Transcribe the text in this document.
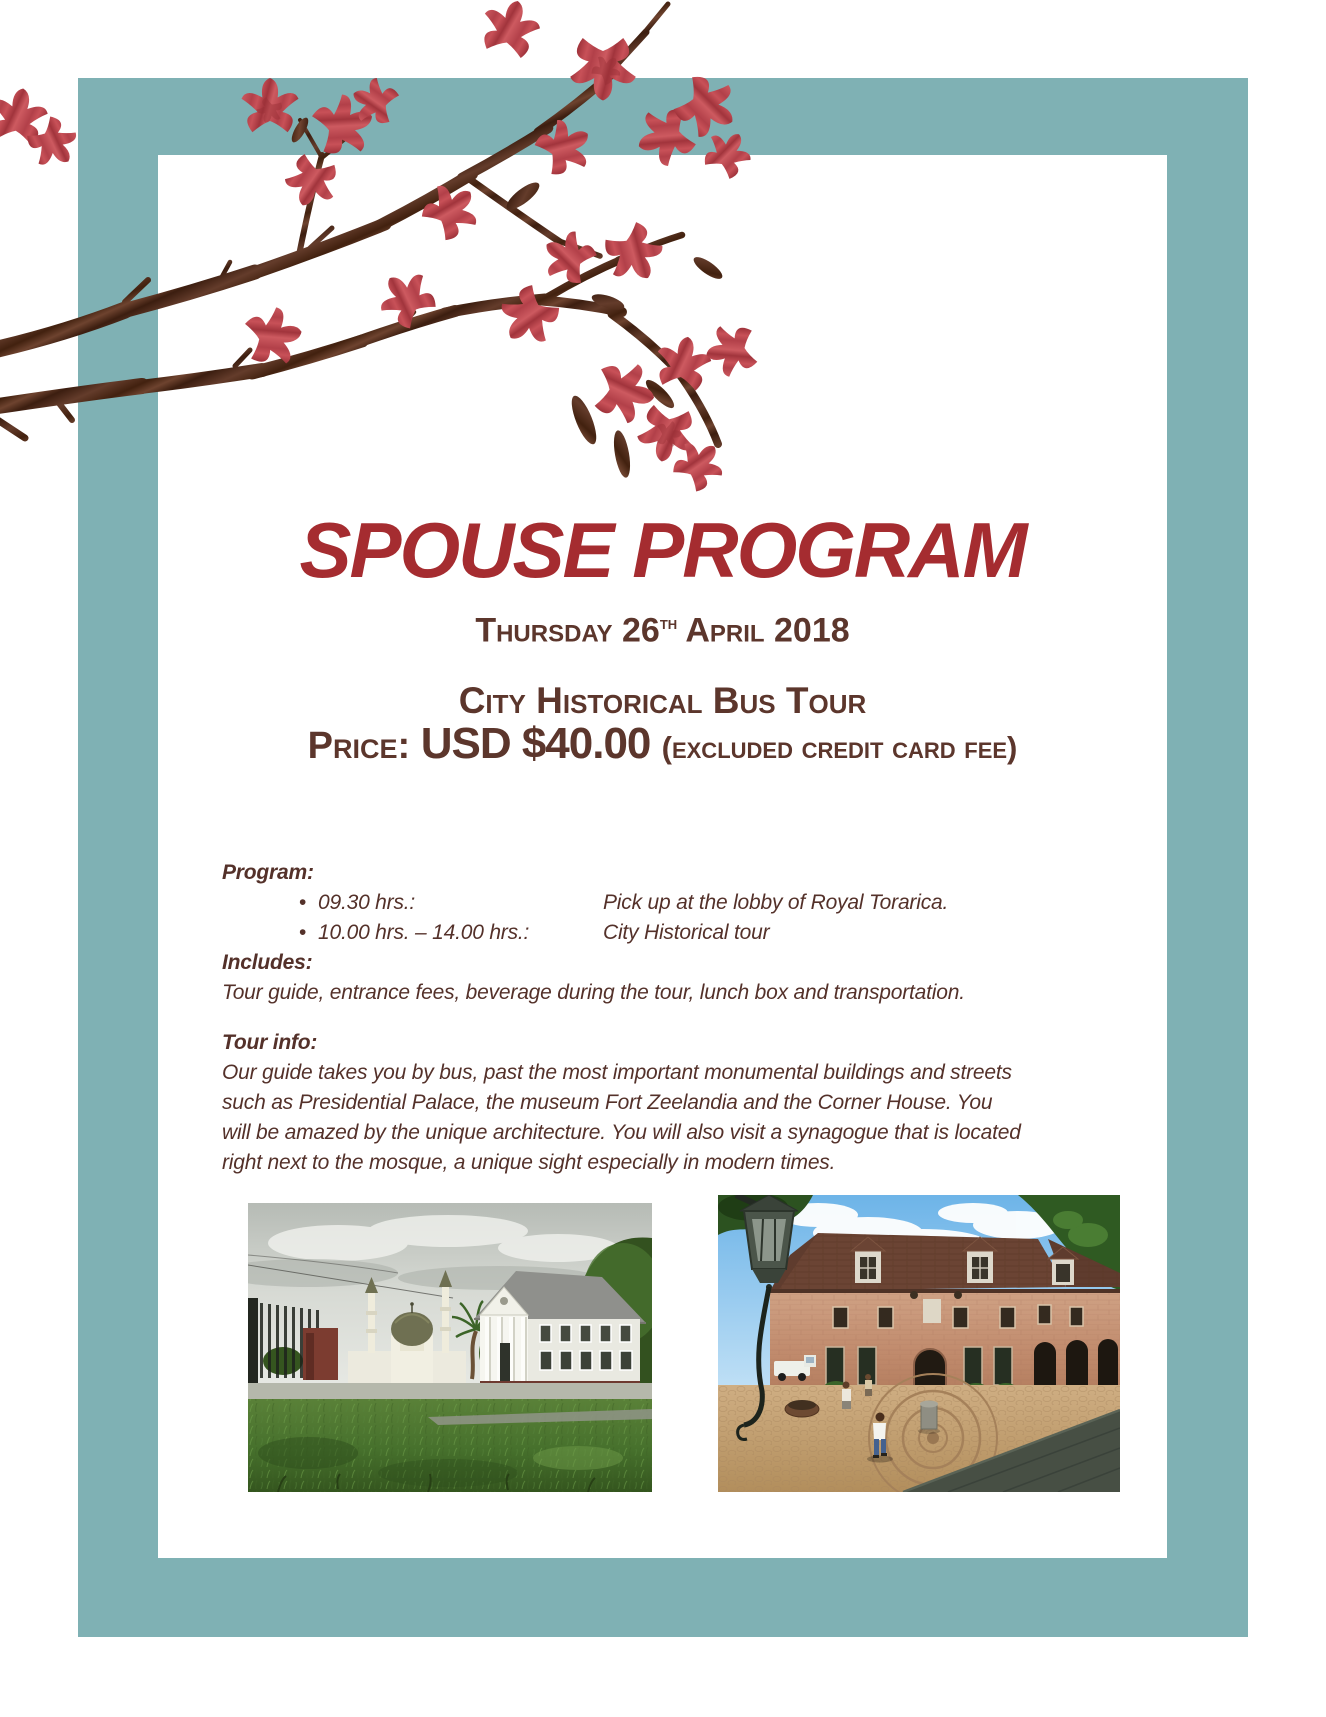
SPOUSE PROGRAM
Thursday 26th April 2018
City Historical Bus Tour
Price: USD $40.00 (excluded credit card fee)
Program:
• 09.30 hrs.:	Pick up at the lobby of Royal Torarica.
• 10.00 hrs. – 14.00 hrs.:	City Historical tour
Includes:
Tour guide, entrance fees, beverage during the tour, lunch box and transportation.
Tour info:
Our guide takes you by bus, past the most important monumental buildings and streets
such as Presidential Palace, the museum Fort Zeelandia and the Corner House. You
will be amazed by the unique architecture. You will also visit a synagogue that is located
right next to the mosque, a unique sight especially in modern times.
